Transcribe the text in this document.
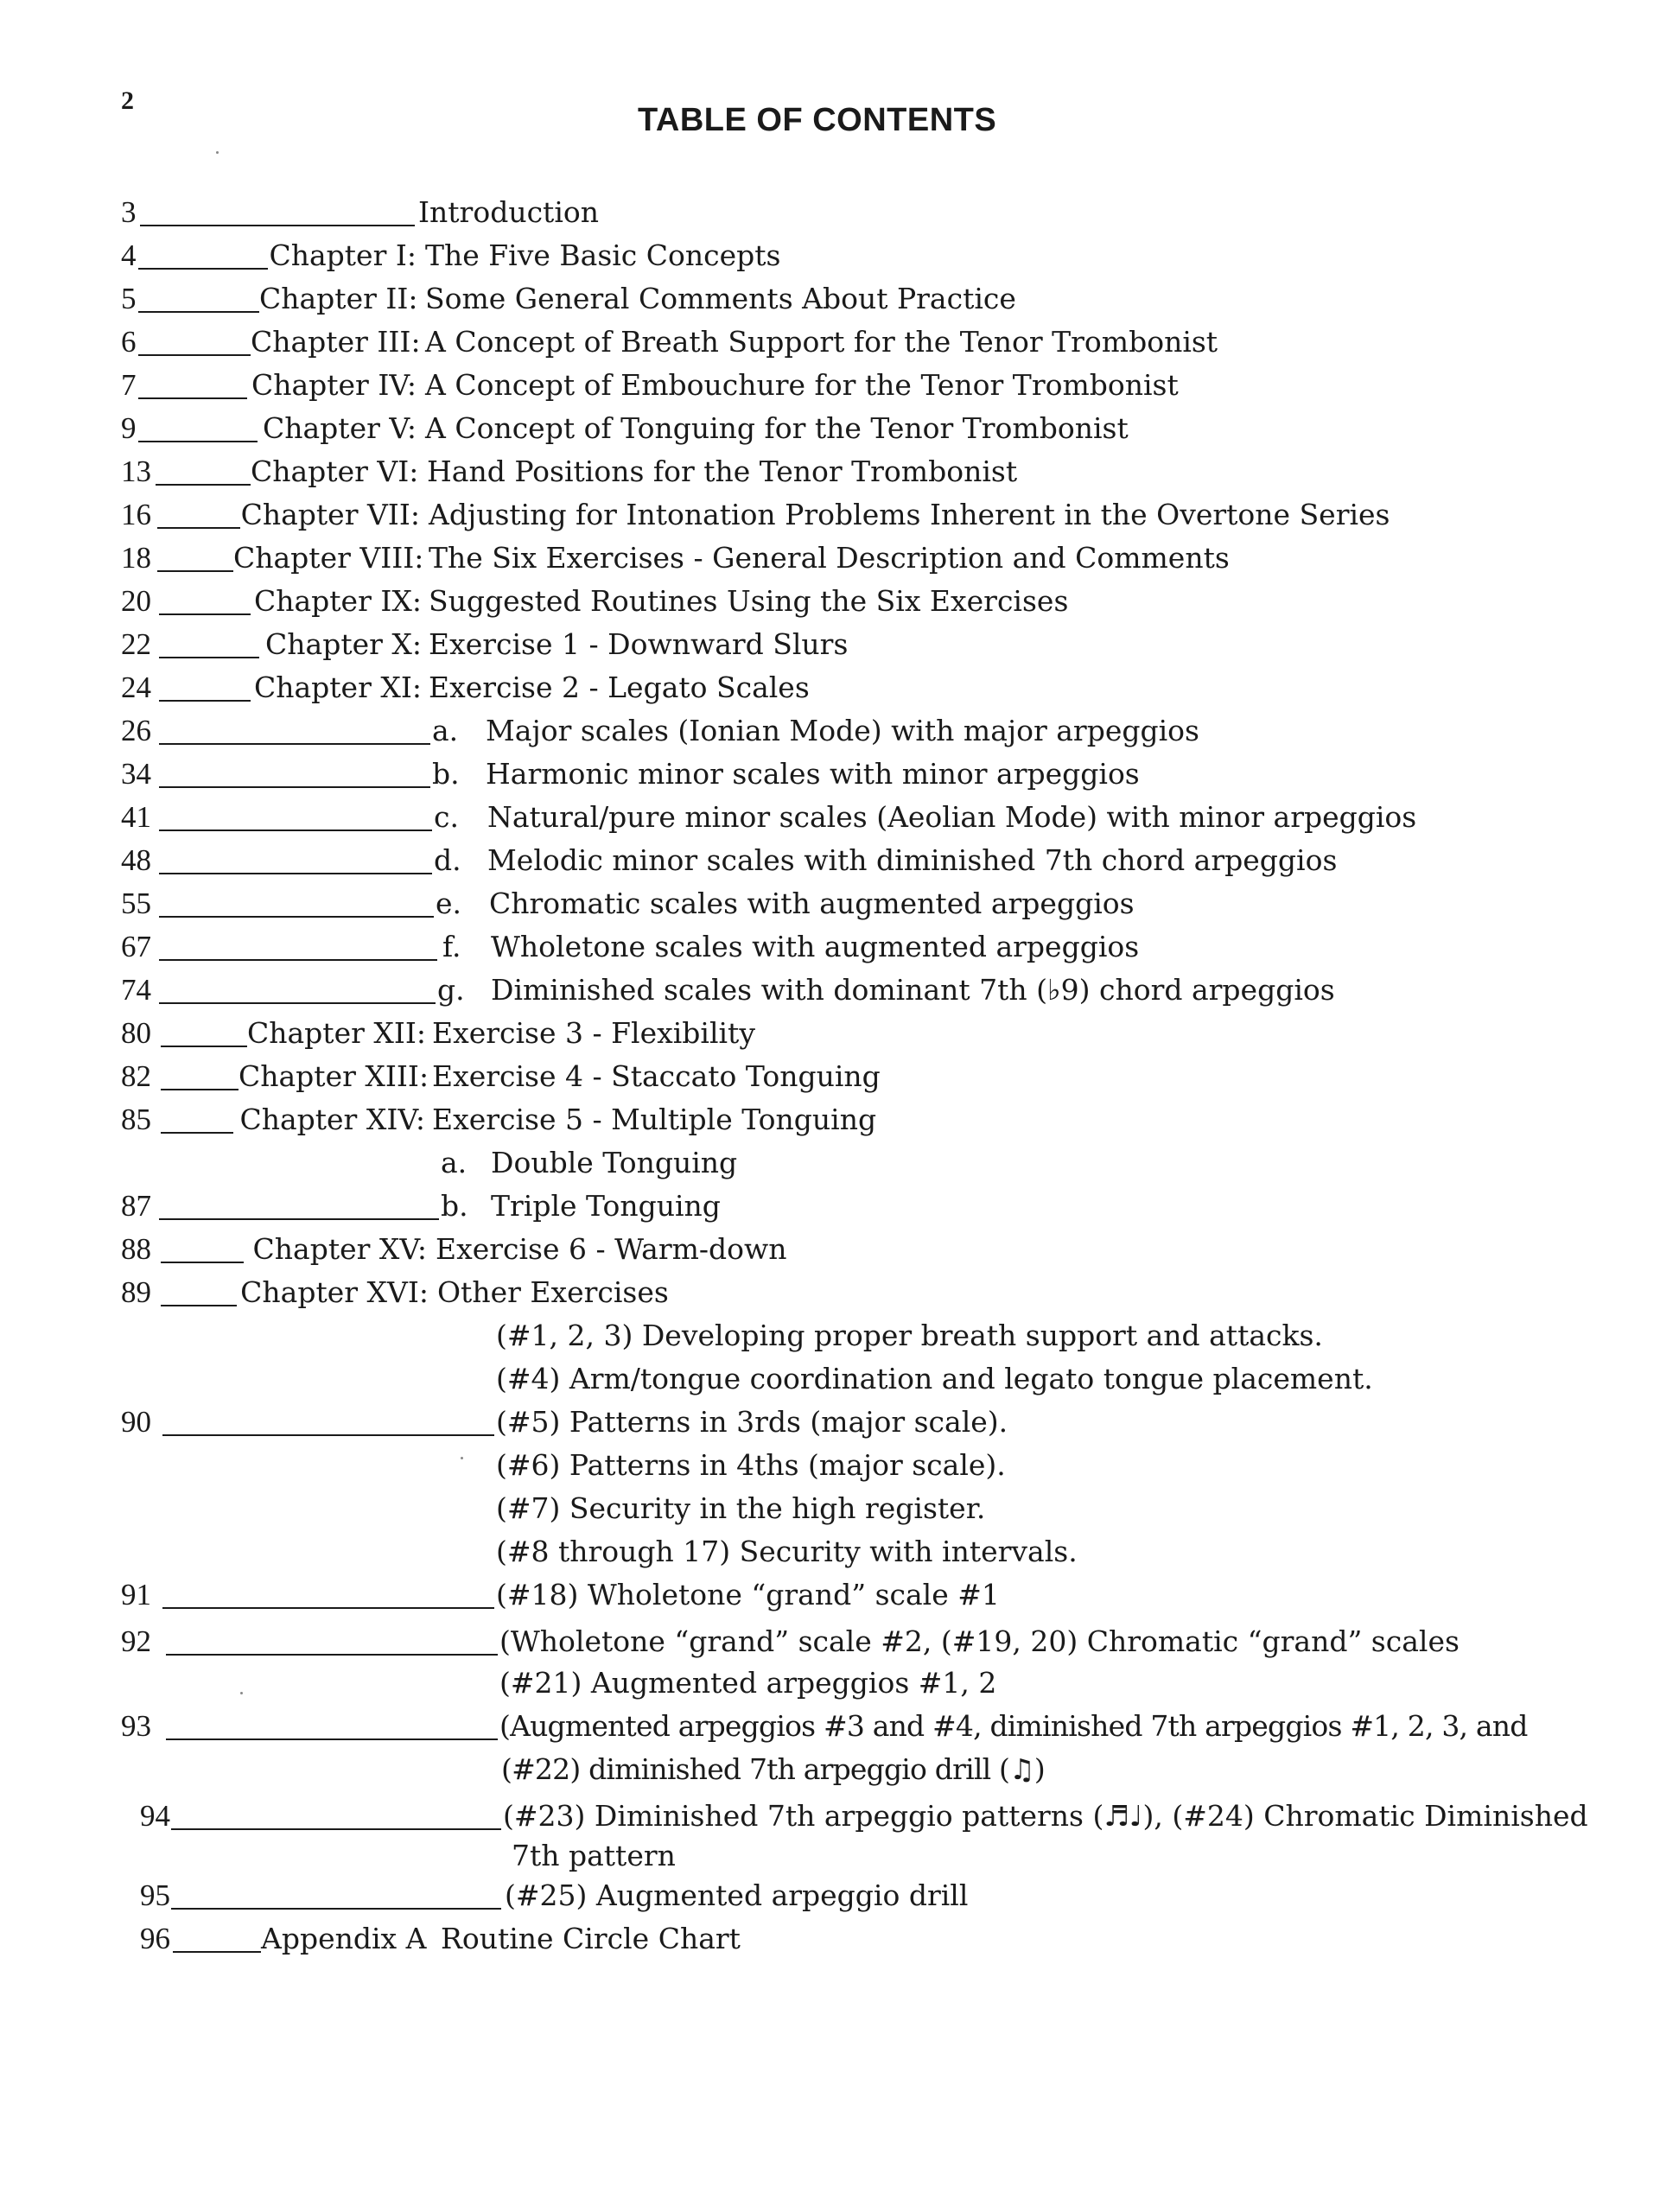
2
TABLE OF CONTENTS
3	Introduction
4	Chapter I: The Five Basic Concepts
5	Chapter II: Some General Comments About Practice
6	Chapter III: A Concept of Breath Support for the Tenor Trombonist
7	Chapter IV: A Concept of Embouchure for the Tenor Trombonist
9	Chapter V: A Concept of Tonguing for the Tenor Trombonist
13	Chapter VI: Hand Positions for the Tenor Trombonist
16	Chapter VII: Adjusting for Intonation Problems Inherent in the Overtone Series
18	Chapter VIII: The Six Exercises - General Description and Comments
20	Chapter IX: Suggested Routines Using the Six Exercises
22	Chapter X: Exercise 1 - Downward Slurs
24	Chapter XI: Exercise 2 - Legato Scales
26	a. Major scales (Ionian Mode) with major arpeggios
34	b. Harmonic minor scales with minor arpeggios
41	c. Natural/pure minor scales (Aeolian Mode) with minor arpeggios
48	d. Melodic minor scales with diminished 7th chord arpeggios
55	e. Chromatic scales with augmented arpeggios
67	f. Wholetone scales with augmented arpeggios
74	g. Diminished scales with dominant 7th (♭9) chord arpeggios
80	Chapter XII: Exercise 3 - Flexibility
82	Chapter XIII: Exercise 4 - Staccato Tonguing
85	Chapter XIV: Exercise 5 - Multiple Tonguing
a. Double Tonguing
87	b. Triple Tonguing
88	Chapter XV: Exercise 6 - Warm-down
89	Chapter XVI: Other Exercises
(#1, 2, 3) Developing proper breath support and attacks.
(#4) Arm/tongue coordination and legato tongue placement.
90	(#5) Patterns in 3rds (major scale).
(#6) Patterns in 4ths (major scale).
(#7) Security in the high register.
(#8 through 17) Security with intervals.
91	(#18) Wholetone “grand” scale #1
92	(Wholetone “grand” scale #2, (#19, 20) Chromatic “grand” scales
(#21) Augmented arpeggios #1, 2
93	(Augmented arpeggios #3 and #4, diminished 7th arpeggios #1, 2, 3, and
(#22) diminished 7th arpeggio drill (♫)
94	(#23) Diminished 7th arpeggio patterns (♬♩), (#24) Chromatic Diminished
7th pattern
95	(#25) Augmented arpeggio drill
96	Appendix A Routine Circle Chart
